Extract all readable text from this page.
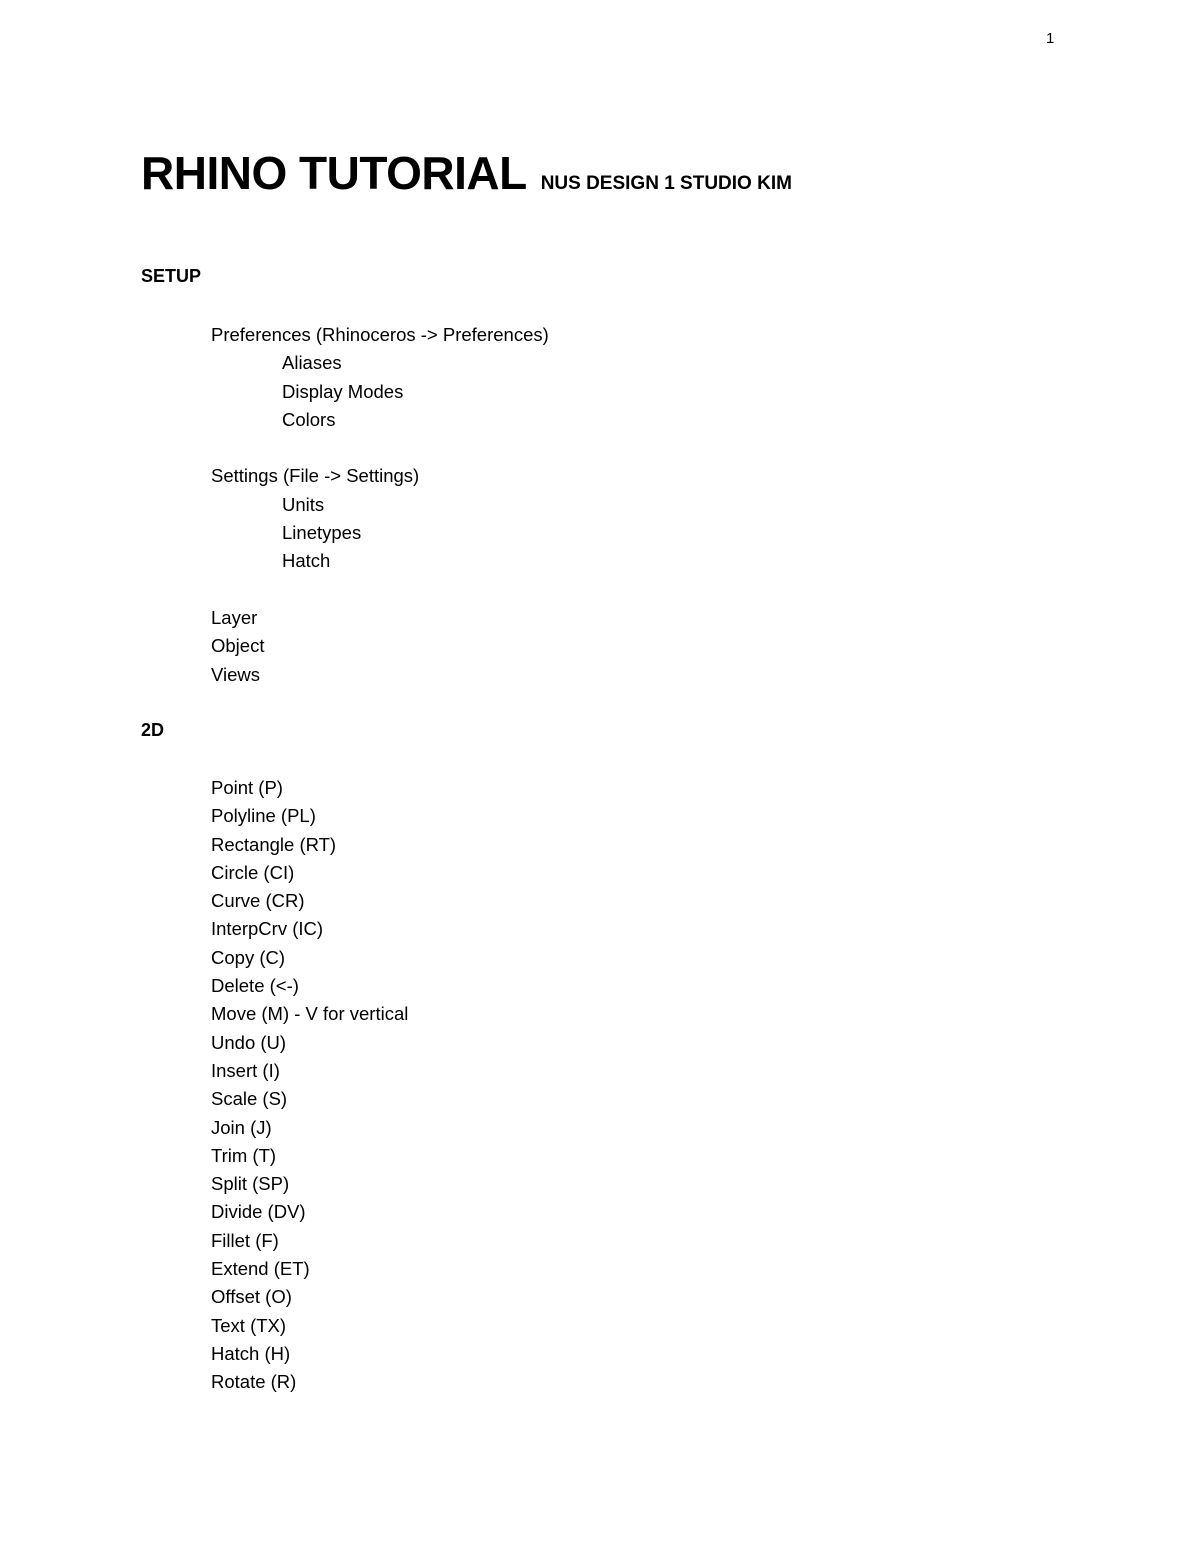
1
RHINO TUTORIAL NUS DESIGN 1 STUDIO KIM
SETUP
Preferences (Rhinoceros -> Preferences)
Aliases
Display Modes
Colors
Settings (File -> Settings)
Units
Linetypes
Hatch
Layer
Object
Views
2D
Point (P)
Polyline (PL)
Rectangle (RT)
Circle (CI)
Curve (CR)
InterpCrv (IC)
Copy (C)
Delete (<-)
Move (M) - V for vertical
Undo (U)
Insert (I)
Scale (S)
Join (J)
Trim (T)
Split (SP)
Divide (DV)
Fillet (F)
Extend (ET)
Offset (O)
Text (TX)
Hatch (H)
Rotate (R)
